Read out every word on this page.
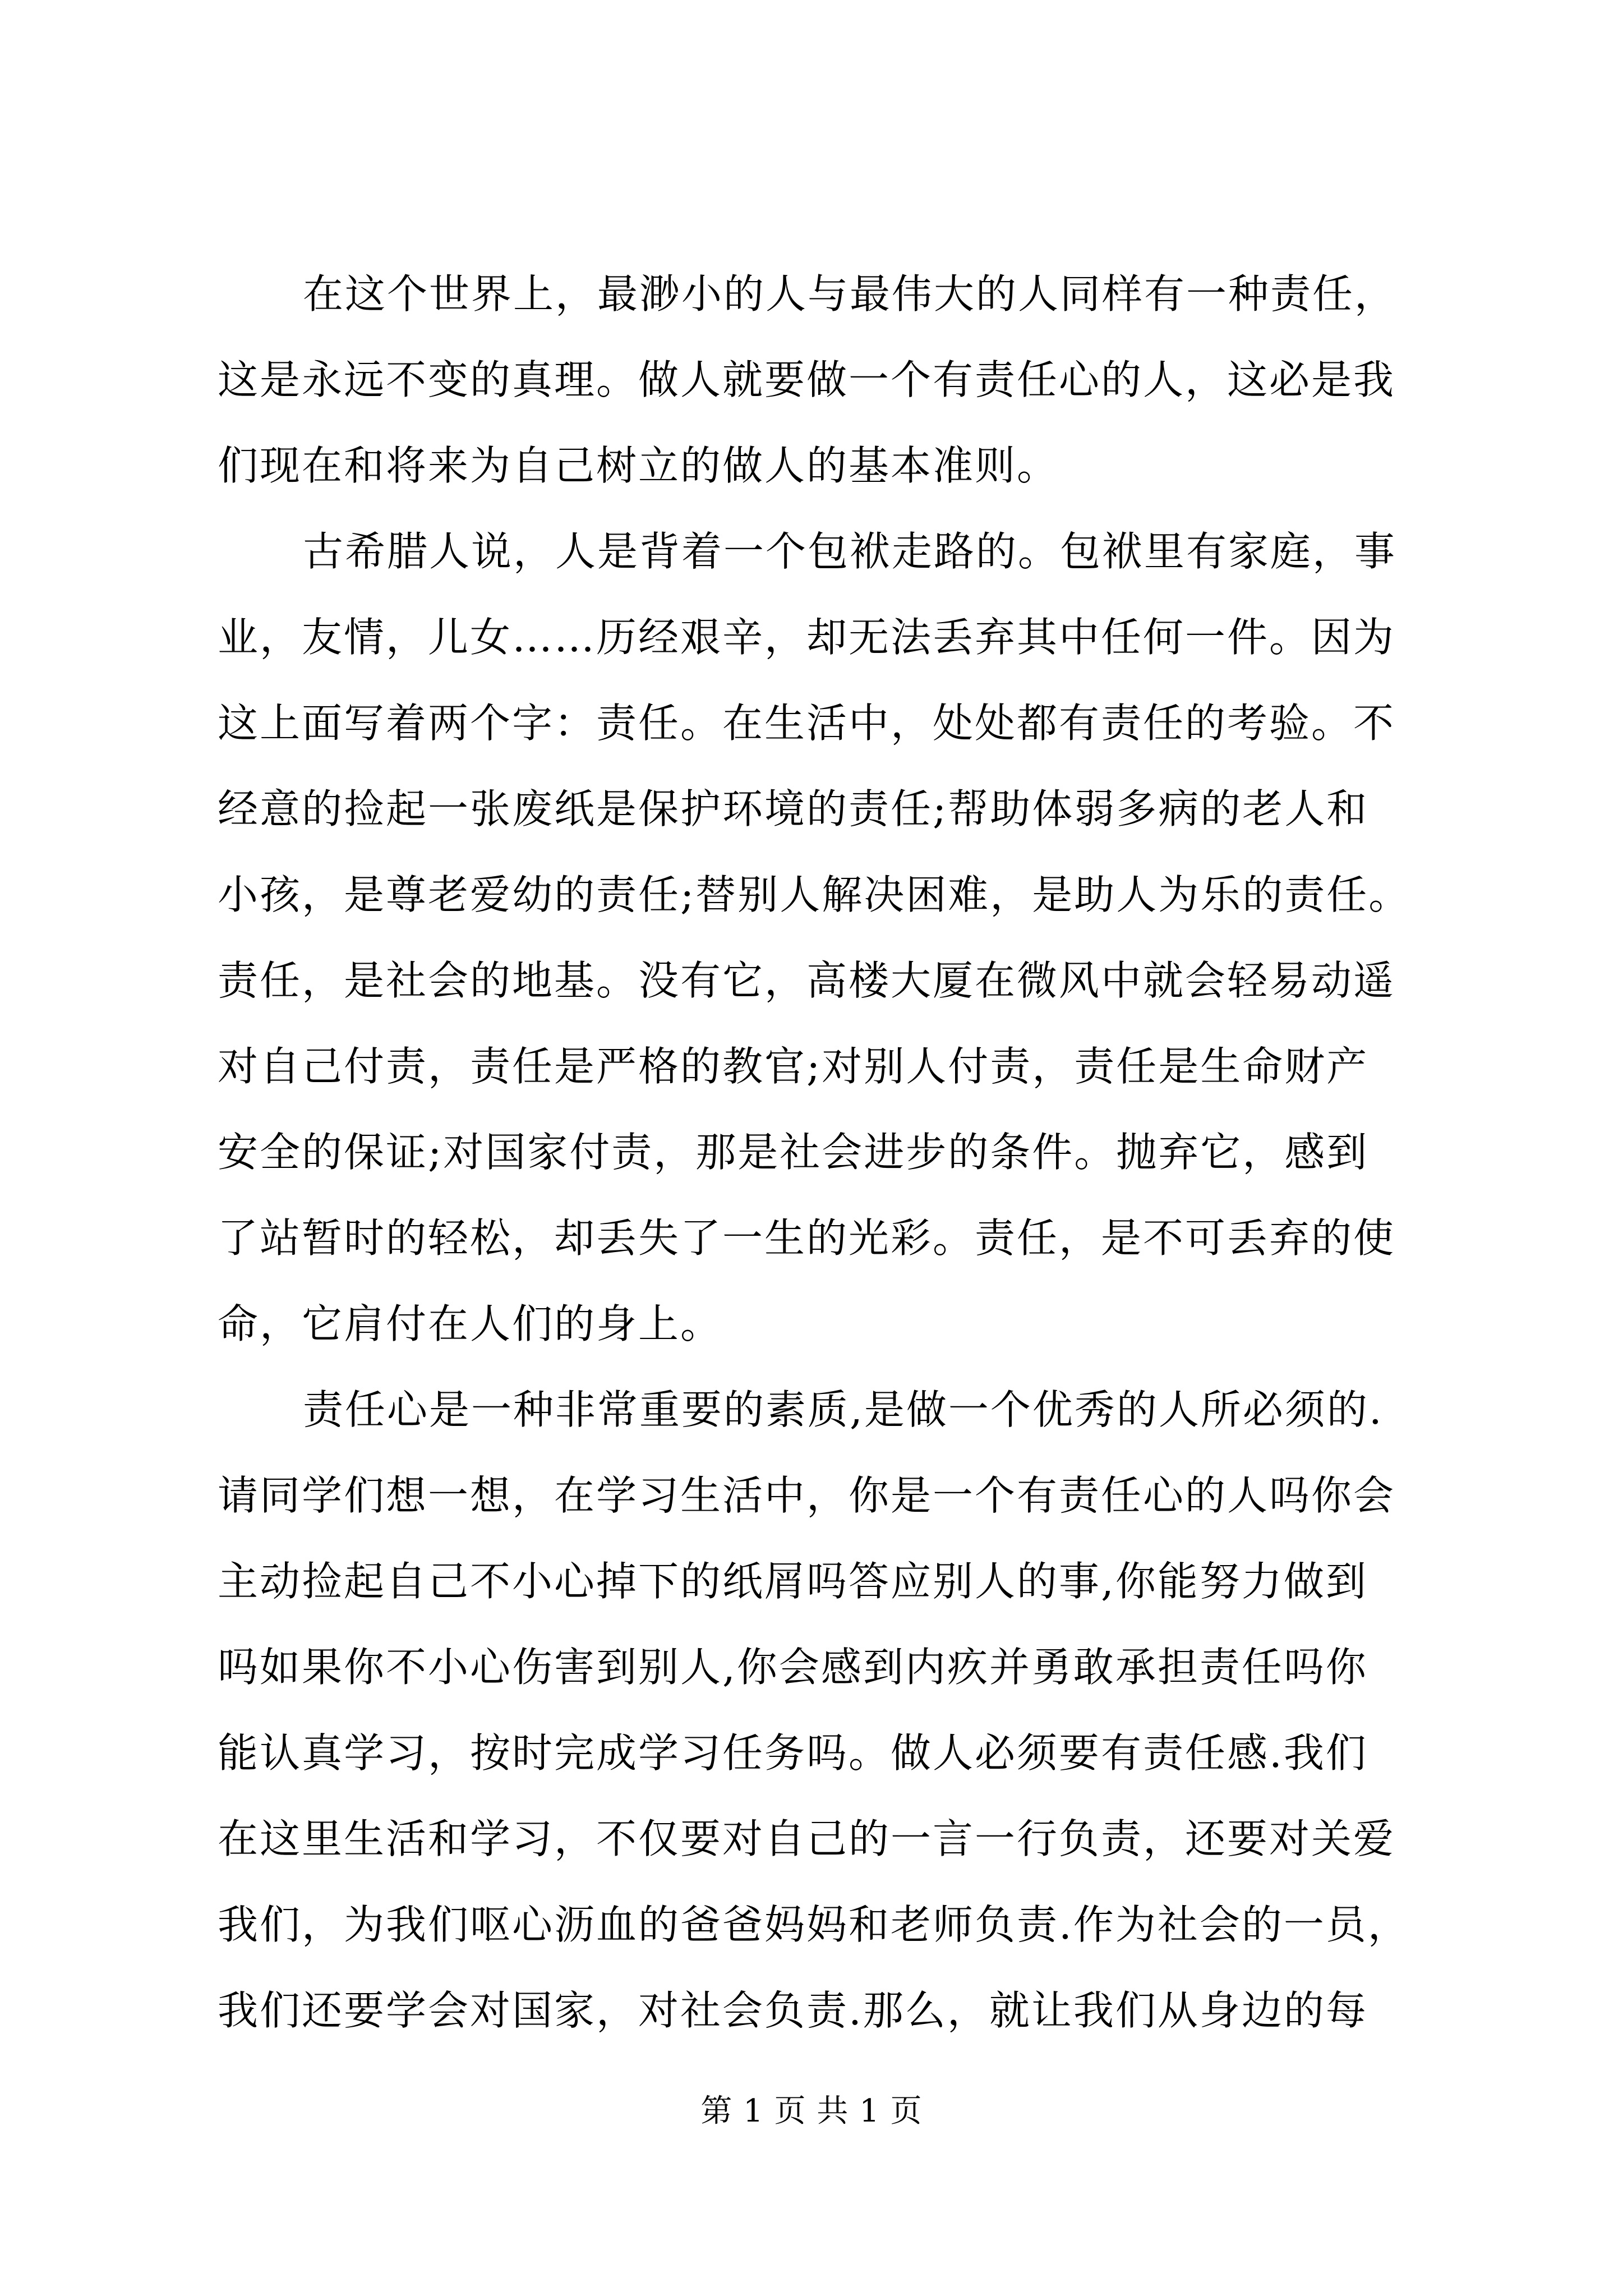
在这个世界上，最渺小的人与最伟大的人同样有一种责任，
这是永远不变的真理。做人就要做一个有责任心的人，这必是我
们现在和将来为自己树立的做人的基本准则。
古希腊人说，人是背着一个包袱走路的。包袱里有家庭，事
业，友情，儿女……历经艰辛，却无法丢弃其中任何一件。因为
这上面写着两个字：责任。在生活中，处处都有责任的考验。不
经意的捡起一张废纸是保护环境的责任;帮助体弱多病的老人和
小孩，是尊老爱幼的责任;替别人解决困难，是助人为乐的责任。
责任，是社会的地基。没有它，高楼大厦在微风中就会轻易动遥
对自己付责，责任是严格的教官;对别人付责，责任是生命财产
安全的保证;对国家付责，那是社会进步的条件。抛弃它，感到
了站暂时的轻松，却丢失了一生的光彩。责任，是不可丢弃的使
命，它肩付在人们的身上。
责任心是一种非常重要的素质,是做一个优秀的人所必须的.
请同学们想一想，在学习生活中，你是一个有责任心的人吗你会
主动捡起自己不小心掉下的纸屑吗答应别人的事,你能努力做到
吗如果你不小心伤害到别人,你会感到内疚并勇敢承担责任吗你
能认真学习，按时完成学习任务吗。做人必须要有责任感.我们
在这里生活和学习，不仅要对自己的一言一行负责，还要对关爱
我们，为我们呕心沥血的爸爸妈妈和老师负责.作为社会的一员，
我们还要学会对国家，对社会负责.那么，就让我们从身边的每
第 1 页 共 1 页
